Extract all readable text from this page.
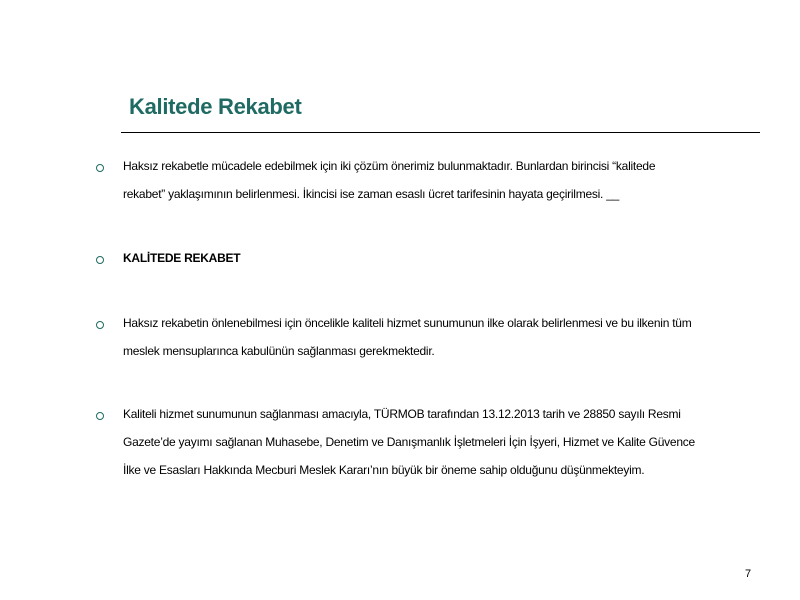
Kalitede Rekabet
Haksız rekabetle mücadele edebilmek için iki çözüm önerimiz bulunmaktadır. Bunlardan birincisi “kalitede
rekabet” yaklaşımının belirlenmesi. İkincisi ise zaman esaslı ücret tarifesinin hayata geçirilmesi. __
KALİTEDE REKABET
Haksız rekabetin önlenebilmesi için öncelikle kaliteli hizmet sunumunun ilke olarak belirlenmesi ve bu ilkenin tüm
meslek mensuplarınca kabulünün sağlanması gerekmektedir.
Kaliteli hizmet sunumunun sağlanması amacıyla, TÜRMOB tarafından 13.12.2013 tarih ve 28850 sayılı Resmi
Gazete’de yayımı sağlanan Muhasebe, Denetim ve Danışmanlık İşletmeleri İçin İşyeri, Hizmet ve Kalite Güvence
İlke ve Esasları Hakkında Mecburi Meslek Kararı’nın büyük bir öneme sahip olduğunu düşünmekteyim.
7
